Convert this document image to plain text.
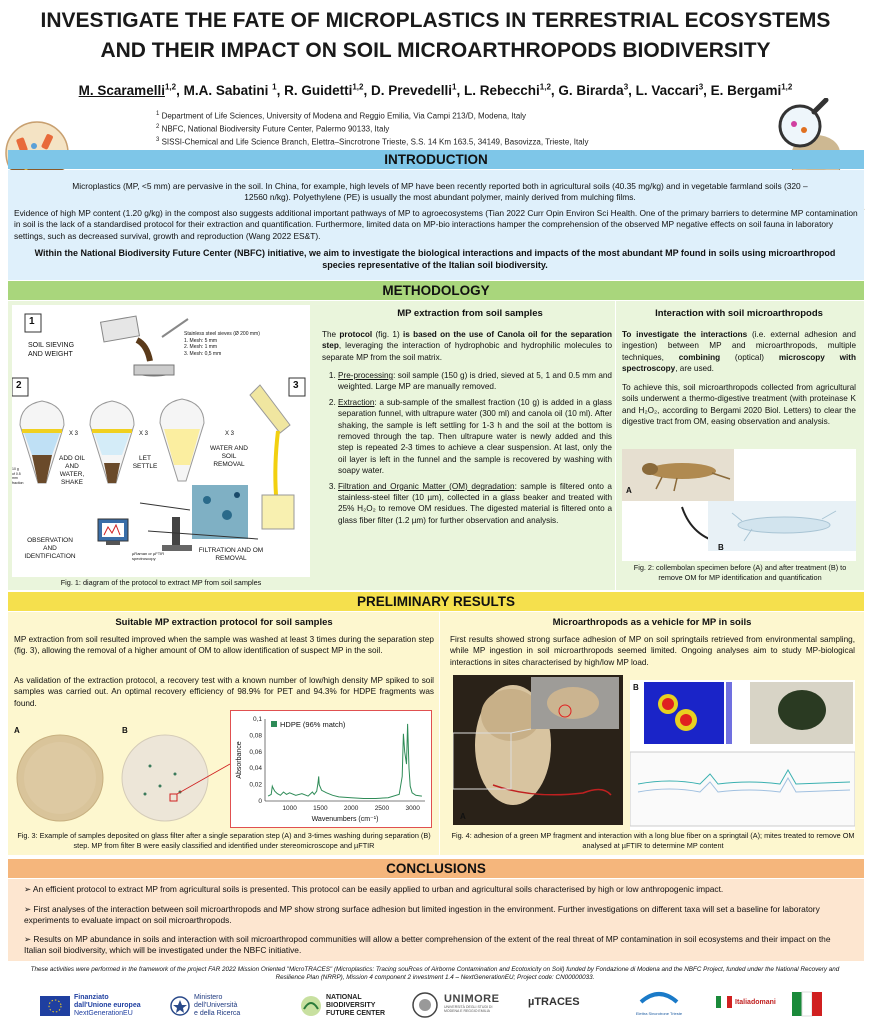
INVESTIGATE THE FATE OF MICROPLASTICS IN TERRESTRIAL ECOSYSTEMS
AND THEIR IMPACT ON SOIL MICROARTHROPODS BIODIVERSITY
M. Scaramelli$^{1,2}$, M.A. Sabatini $^1$, R. Guidetti$^{1,2}$, D. Prevedelli$^1$, L. Rebecchi$^{1,2}$, G. Birarda$^3$, L. Vaccari$^3$, E. Bergami$^{1,2}$
$^1$ Department of Life Sciences, University of Modena and Reggio Emilia, Via Campi 213/D, Modena, Italy
$^2$ NBFC, National Biodiversity Future Center, Palermo 90133, Italy
$^3$ SISSI-Chemical and Life Science Branch, Elettra–Sincrotrone Trieste, S.S. 14 Km 163.5, 34149, Basovizza, Trieste, Italy
INTRODUCTION
Microplastics (MP, <5 mm) are pervasive in the soil. In China, for example, high levels of MP have been recently reported both in agricultural soils (40.35 mg/kg) and in vegetable farmland soils (320 – 12560 n/kg). Polyethylene (PE) is usually the most abundant polymer, mainly derived from mulching films.
Evidence of high MP content (1.20 g/kg) in the compost also suggests additional important pathways of MP to agroecosystems (Tian 2022 Curr Opin Environ Sci Health. One of the primary barriers to determine MP contamination in soil is the lack of a standardised protocol for their extraction and quantification. Furthermore, limited data on MP-bio interactions hamper the comprehension of the observed MP negative effects on soil fauna in laboratory settings, such as decreased survival, growth and reproduction (Wang 2022 ES&T).
Within the National Biodiversity Future Center (NBFC) initiative, we aim to investigate the biological interactions and impacts of the most abundant MP found in soils using microarthropod species representative of the Italian soil biodiversity.
METHODOLOGY
1
2	3
SOIL SIEVING AND WEIGHT
Stainless steel sieves (Ø 200 mm)
1. Mesh: 5 mm
2. Mesh: 1 mm
3. Mesh: 0,5 mm
X 3	X 3	X 3
ADD OIL AND WATER, SHAKE
LET SETTLE
WATER AND SOIL REMOVAL
OBSERVATION AND IDENTIFICATION
FILTRATION AND OM REMOVAL
µRaman or µFTIR spectroscopy
10 g of 0.5 mm fraction
Fig. 1: diagram of the protocol to extract MP from soil samples
MP extraction from soil samples
The protocol (fig. 1) is based on the use of Canola oil for the separation step, leveraging the interaction of hydrophobic and hydrophilic molecules to separate MP from the soil matrix.
1. Pre-processing: soil sample (150 g) is dried, sieved at 5, 1 and 0.5 mm and weighted. Large MP are manually removed.
2. Extraction: a sub-sample of the smallest fraction (10 g) is added in a glass separation funnel, with ultrapure water (300 ml) and canola oil (10 ml). After shaking, the sample is left settling for 1-3 h and the soil at the bottom is removed through the tap. Then ultrapure water is newly added and this step is repeated 2-3 times to achieve a clear suspension. At last, only the oil layer is left in the funnel and the sample is recovered by washing with soapy water.
3. Filtration and Organic Matter (OM) degradation: sample is filtered onto a stainless-steel filter (10 µm), collected in a glass beaker and treated with 25% H₂O₂ to remove OM residues. The digested material is filtered onto a glass fiber filter (1.2 µm) for further observation and analysis.
Interaction with soil microarthropods
To investigate the interactions (i.e. external adhesion and ingestion) between MP and microarthropods, multiple techniques, combining (optical) microscopy with spectroscopy, are used.
To achieve this, soil microarthropods collected from agricultural soils underwent a thermo-digestive treatment (with proteinase K and H₂O₂, according to Bergami 2020 Biol. Letters) to clear the digestive tract from OM, easing observation and analysis.
A
B
Fig. 2: collembolan specimen before (A) and after treatment (B) to remove OM for MP identification and quantification
PRELIMINARY RESULTS
Suitable MP extraction protocol for soil samples
MP extraction from soil resulted improved when the sample was washed at least 3 times during the separation step (fig. 3), allowing the removal of a higher amount of OM to allow identification of suspect MP in the soil.
As validation of the extraction protocol, a recovery test with a known number of low/high density MP spiked to soil samples was carried out. An optimal recovery efficiency of 98.9% for PET and 94.3% for HDPE fragments was found.
A	B
0
0,02
0,04
0,06
0,08
0,1
1000	1500	2000	2500	3000
HDPE (96% match)
Wavenumbers (cm⁻¹)
Absorbance
Fig. 3: Example of samples deposited on glass filter after a single separation step (A) and 3-times washing during separation (B) step. MP from filter B were easily classified and identified under stereomicroscope and µFTIR
Microarthropods as a vehicle for MP in soils
First results showed strong surface adhesion of MP on soil springtails retrieved from environmental sampling, while MP ingestion in soil microarthropods seemed limited. Ongoing analyses aim to study MP-biological interactions in sites characterised by high/low MP load.
A
B
Fig. 4: adhesion of a green MP fragment and interaction with a long blue fiber on a springtail (A); mites treated to remove OM analysed at µFTIR to determine MP content
CONCLUSIONS
➢ An efficient protocol to extract MP from agricultural soils is presented. This protocol can be easily applied to urban and agricultural soils characterised by high or low anthropogenic impact.
➢ First analyses of the interaction between soil microarthropods and MP show strong surface adhesion but limited ingestion in the environment. Further investigations on different taxa will set a baseline for laboratory experiments to evaluate impact on soil microarthropods.
➢ Results on MP abundance in soils and interaction with soil microarthropod communities will allow a better comprehension of the extent of the real threat of MP contamination in soil ecosystems and their impact on the Italian soil biodiversity, which will be investigated under the NBFC initiative.
These activities were performed in the framework of the project FAR 2022 Mission Oriented "MicroTRACES" (Microplastics: Tracing souRces of Airborne Contamination and Ecotoxicity on Soil) funded by Fondazione di Modena and the NBFC Project, funded under the National Recovery and Resilience Plan (NRRP), Mission 4 component 2 investment 1.4 – NextGenerationEU; Project code: CN00000033.
Finanziato
dall'Unione europea
NextGenerationEU
Ministero
dell'Università
e della Ricerca
NATIONAL
BIODIVERSITY
FUTURE CENTER
UNIMORE
UNIVERSITÀ DEGLI STUDI DI MODENA E REGGIO EMILIA
µTRACES
Elettra Sincrotrone Trieste
Italiadomani
